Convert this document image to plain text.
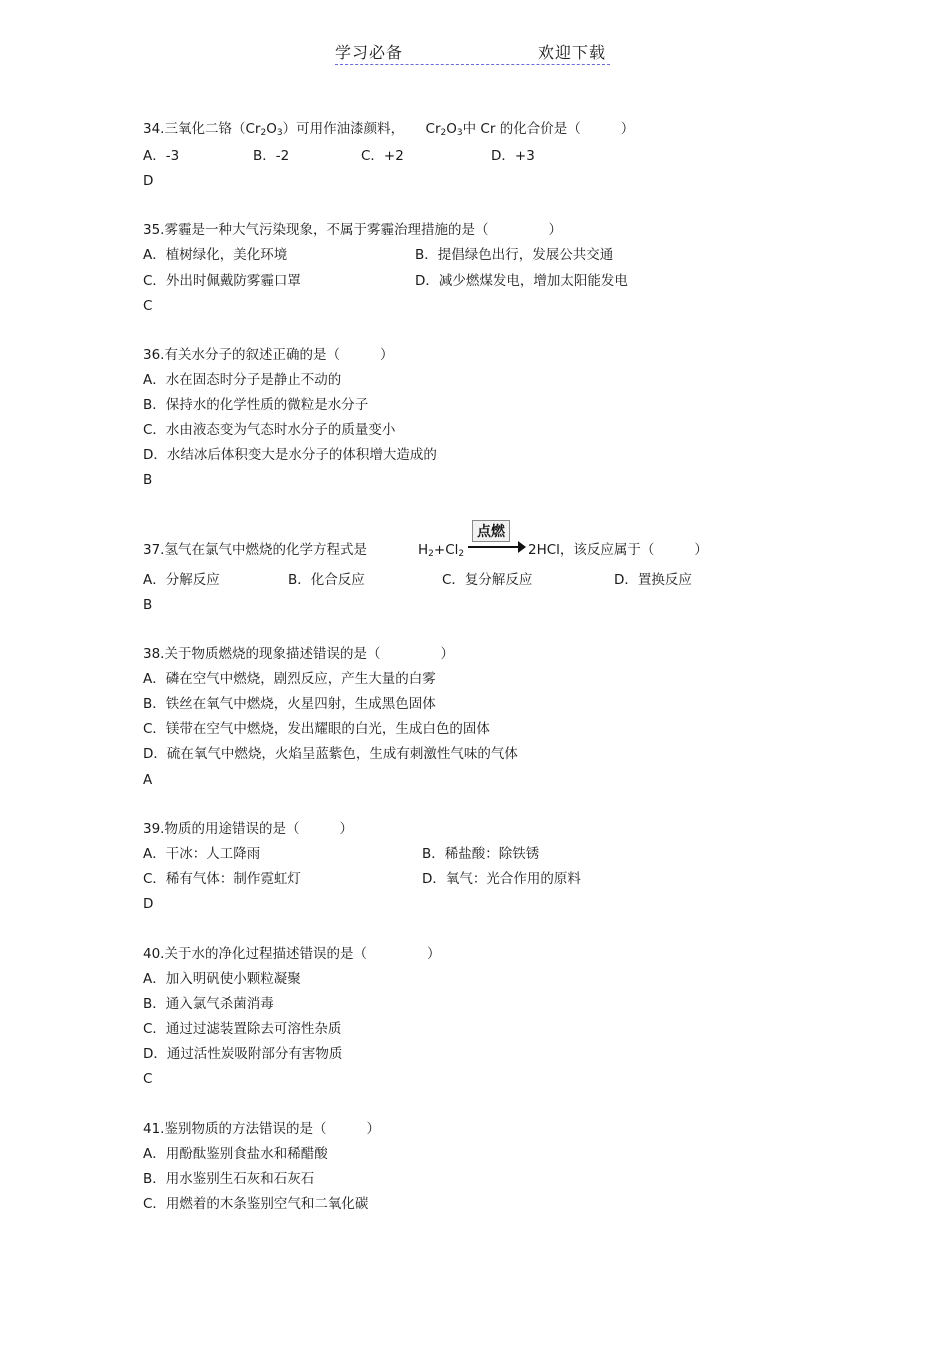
学习必备	欢迎下载
34.三氧化二铬$(Cr_2O_3)$可用作油漆颜料， $Cr_2O_3$中 Cr 的化合价是（	）
A．-3	B．-2	C．+2	D．+3
D
35.雾霾是一种大气污染现象，不属于雾霾治理措施的是（	）
A．植树绿化，美化环境	B．提倡绿色出行，发展公共交通
C．外出时佩戴防雾霾口罩	D．减少燃煤发电，增加太阳能发电
C
36.有关水分子的叙述正确的是（	）
A．水在固态时分子是静止不动的
B．保持水的化学性质的微粒是水分子
C．水由液态变为气态时水分子的质量变小
D．水结冰后体积变大是水分子的体积增大造成的
B
37.氢气在氯气中燃烧的化学方程式是	$H_2+Cl_2$
点燃
2HCl，该反应属于（	）
A．分解反应	B．化合反应	C．复分解反应	D．置换反应
B
38.关于物质燃烧的现象描述错误的是（	）
A．磷在空气中燃烧，剧烈反应，产生大量的白雾
B．铁丝在氧气中燃烧，火星四射，生成黑色固体
C．镁带在空气中燃烧，发出耀眼的白光，生成白色的固体
D．硫在氧气中燃烧，火焰呈蓝紫色，生成有刺激性气味的气体
A
39.物质的用途错误的是（	）
A．干冰：人工降雨	B．稀盐酸：除铁锈
C．稀有气体：制作霓虹灯	D．氧气：光合作用的原料
D
40.关于水的净化过程描述错误的是（	）
A．加入明矾使小颗粒凝聚
B．通入氯气杀菌消毒
C．通过过滤装置除去可溶性杂质
D．通过活性炭吸附部分有害物质
C
41.鉴别物质的方法错误的是（	）
A．用酚酞鉴别食盐水和稀醋酸
B．用水鉴别生石灰和石灰石
C．用燃着的木条鉴别空气和二氧化碳
